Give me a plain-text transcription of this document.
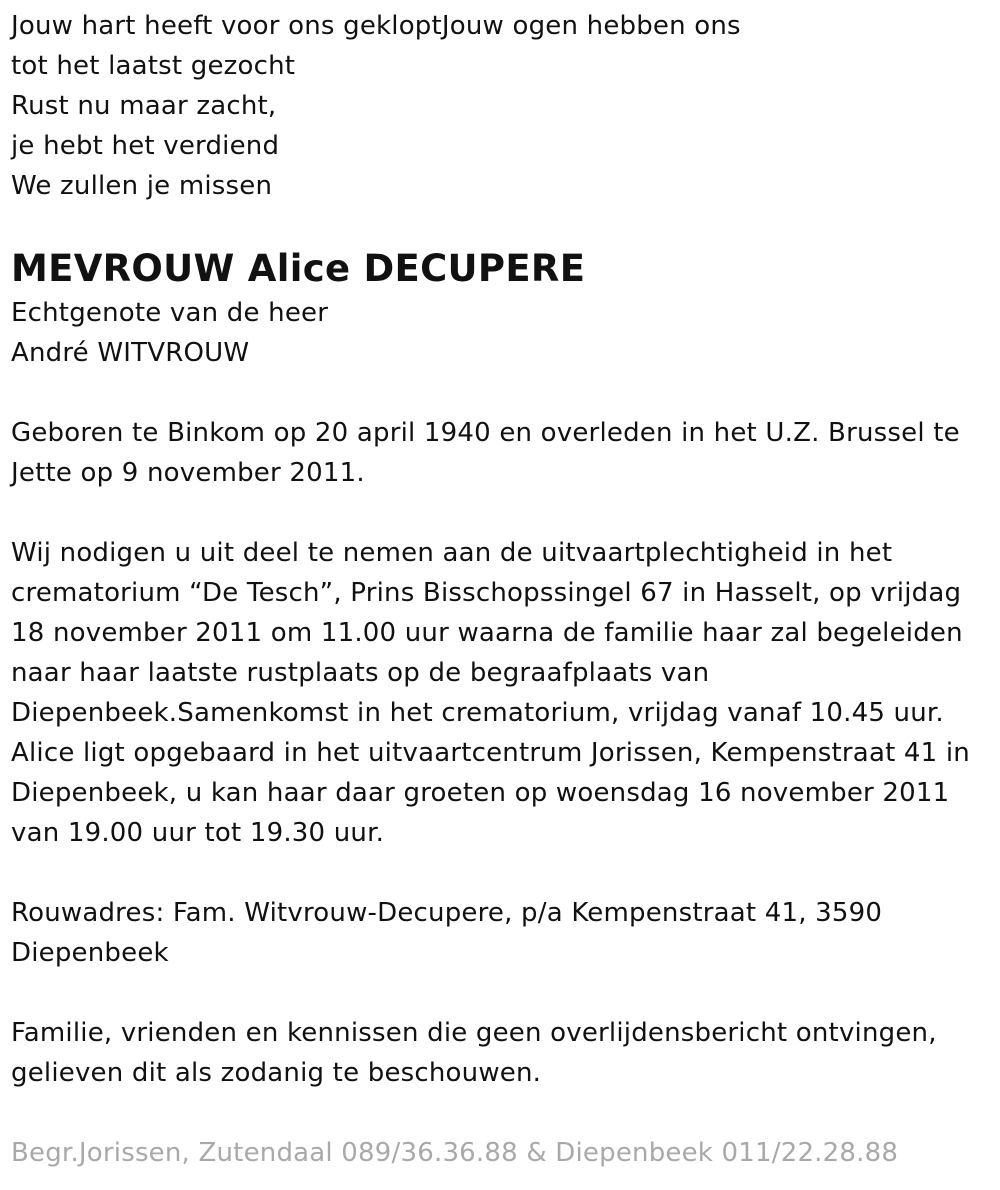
Jouw hart heeft voor ons gekloptJouw ogen hebben ons
tot het laatst gezocht
Rust nu maar zacht,
je hebt het verdiend
We zullen je missen
MEVROUW Alice DECUPERE
Echtgenote van de heer
André WITVROUW
Geboren te Binkom op 20 april 1940 en overleden in het U.Z. Brussel te
Jette op 9 november 2011.
Wij nodigen u uit deel te nemen aan de uitvaartplechtigheid in het
crematorium “De Tesch”, Prins Bisschopssingel 67 in Hasselt, op vrijdag
18 november 2011 om 11.00 uur waarna de familie haar zal begeleiden
naar haar laatste rustplaats op de begraafplaats van
Diepenbeek.Samenkomst in het crematorium, vrijdag vanaf 10.45 uur.
Alice ligt opgebaard in het uitvaartcentrum Jorissen, Kempenstraat 41 in
Diepenbeek, u kan haar daar groeten op woensdag 16 november 2011
van 19.00 uur tot 19.30 uur.
Rouwadres: Fam. Witvrouw-Decupere, p/a Kempenstraat 41, 3590
Diepenbeek
Familie, vrienden en kennissen die geen overlijdensbericht ontvingen,
gelieven dit als zodanig te beschouwen.
Begr.Jorissen, Zutendaal 089/36.36.88 & Diepenbeek 011/22.28.88
